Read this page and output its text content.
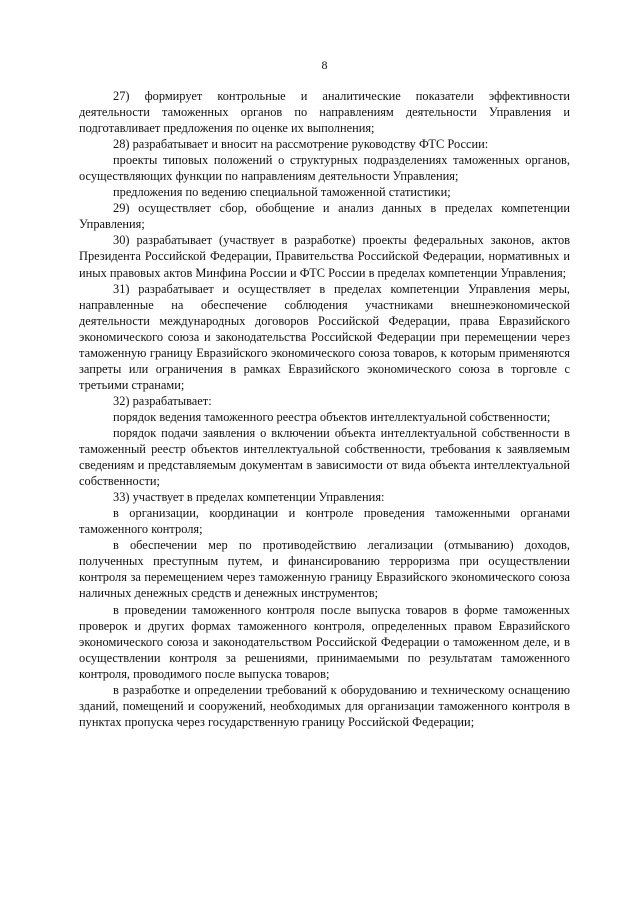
8

27) формирует контрольные и аналитические показатели эффективности деятельности таможенных органов по направлениям деятельности Управления и подготавливает предложения по оценке их выполнения;

28) разрабатывает и вносит на рассмотрение руководству ФТС России:

проекты типовых положений о структурных подразделениях таможенных органов, осуществляющих функции по направлениям деятельности Управления;

предложения по ведению специальной таможенной статистики;

29) осуществляет сбор, обобщение и анализ данных в пределах компетенции Управления;

30) разрабатывает (участвует в разработке) проекты федеральных законов, актов Президента Российской Федерации, Правительства Российской Федерации, нормативных и иных правовых актов Минфина России и ФТС России в пределах компетенции Управления;

31) разрабатывает и осуществляет в пределах компетенции Управления меры, направленные на обеспечение соблюдения участниками внешнеэкономической деятельности международных договоров Российской Федерации, права Евразийского экономического союза и законодательства Российской Федерации при перемещении через таможенную границу Евразийского экономического союза товаров, к которым применяются запреты или ограничения в рамках Евразийского экономического союза в торговле с третьими странами;

32) разрабатывает:

порядок ведения таможенного реестра объектов интеллектуальной собственности;

порядок подачи заявления о включении объекта интеллектуальной собственности в таможенный реестр объектов интеллектуальной собственности, требования к заявляемым сведениям и представляемым документам в зависимости от вида объекта интеллектуальной собственности;

33) участвует в пределах компетенции Управления:

в организации, координации и контроле проведения таможенными органами таможенного контроля;

в обеспечении мер по противодействию легализации (отмыванию) доходов, полученных преступным путем, и финансированию терроризма при осуществлении контроля за перемещением через таможенную границу Евразийского экономического союза наличных денежных средств и денежных инструментов;

в проведении таможенного контроля после выпуска товаров в форме таможенных проверок и других формах таможенного контроля, определенных правом Евразийского экономического союза и законодательством Российской Федерации о таможенном деле, и в осуществлении контроля за решениями, принимаемыми по результатам таможенного контроля, проводимого после выпуска товаров;

в разработке и определении требований к оборудованию и техническому оснащению зданий, помещений и сооружений, необходимых для организации таможенного контроля в пунктах пропуска через государственную границу Российской Федерации;
